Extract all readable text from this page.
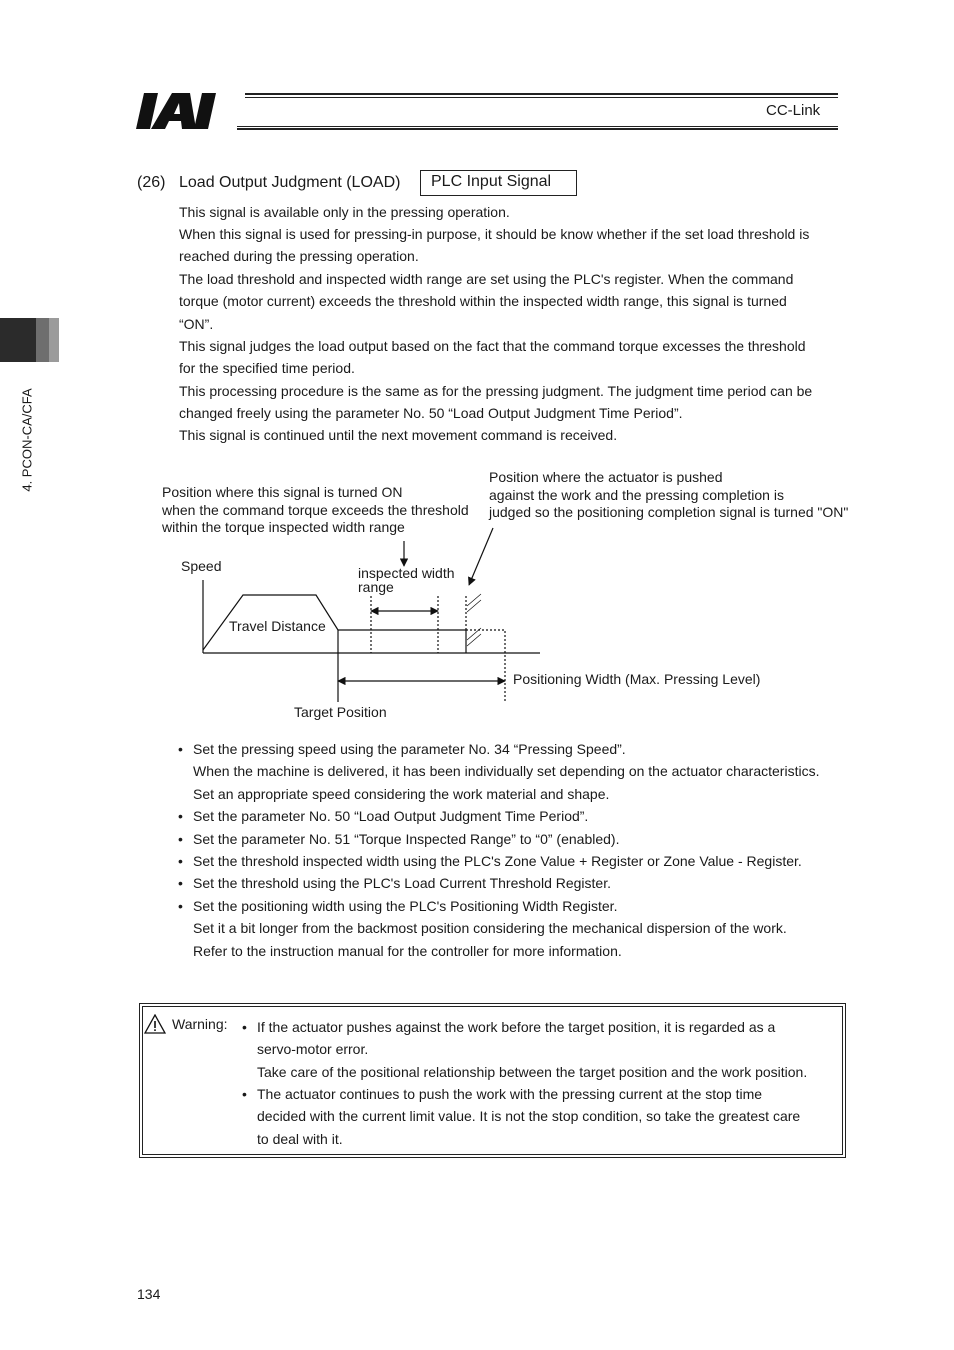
CC-Link
4. PCON-CA/CFA
(26) Load Output Judgment (LOAD)	PLC Input Signal
This signal is available only in the pressing operation.
When this signal is used for pressing-in purpose, it should be know whether if the set load threshold is
reached during the pressing operation.
The load threshold and inspected width range are set using the PLC's register. When the command
torque (motor current) exceeds the threshold within the inspected width range, this signal is turned
“ON”.
This signal judges the load output based on the fact that the command torque excesses the threshold
for the specified time period.
This processing procedure is the same as for the pressing judgment. The judgment time period can be
changed freely using the parameter No. 50 “Load Output Judgment Time Period”.
This signal is continued until the next movement command is received.
Position where this signal is turned ON
when the command torque exceeds the threshold
within the torque inspected width range
Position where the actuator is pushed
against the work and the pressing completion is
judged so the positioning completion signal is turned "ON"
Speed	inspected width
range
Travel Distance
Positioning Width (Max. Pressing Level)
Target Position
• Set the pressing speed using the parameter No. 34 “Pressing Speed”.
When the machine is delivered, it has been individually set depending on the actuator characteristics.
Set an appropriate speed considering the work material and shape.
• Set the parameter No. 50 “Load Output Judgment Time Period”.
• Set the parameter No. 51 “Torque Inspected Range” to “0” (enabled).
• Set the threshold inspected width using the PLC's Zone Value + Register or Zone Value - Register.
• Set the threshold using the PLC's Load Current Threshold Register.
• Set the positioning width using the PLC's Positioning Width Register.
Set it a bit longer from the backmost position considering the mechanical dispersion of the work.
Refer to the instruction manual for the controller for more information.
Warning: • If the actuator pushes against the work before the target position, it is regarded as a
servo-motor error.
Take care of the positional relationship between the target position and the work position.
• The actuator continues to push the work with the pressing current at the stop time
decided with the current limit value. It is not the stop condition, so take the greatest care
to deal with it.
134
